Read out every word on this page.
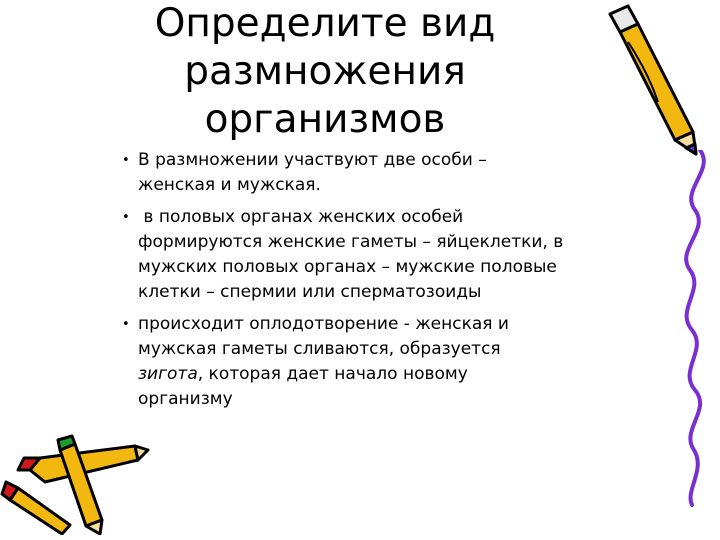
Определите вид
размножения
организмов
• В размножении участвуют две особи –
женская и мужская.
• в половых органах женских особей
формируются женские гаметы – яйцеклетки, в
мужских половых органах – мужские половые
клетки – спермии или сперматозоиды
• происходит оплодотворение - женская и
мужская гаметы сливаются, образуется
зигота, которая дает начало новому
организму
